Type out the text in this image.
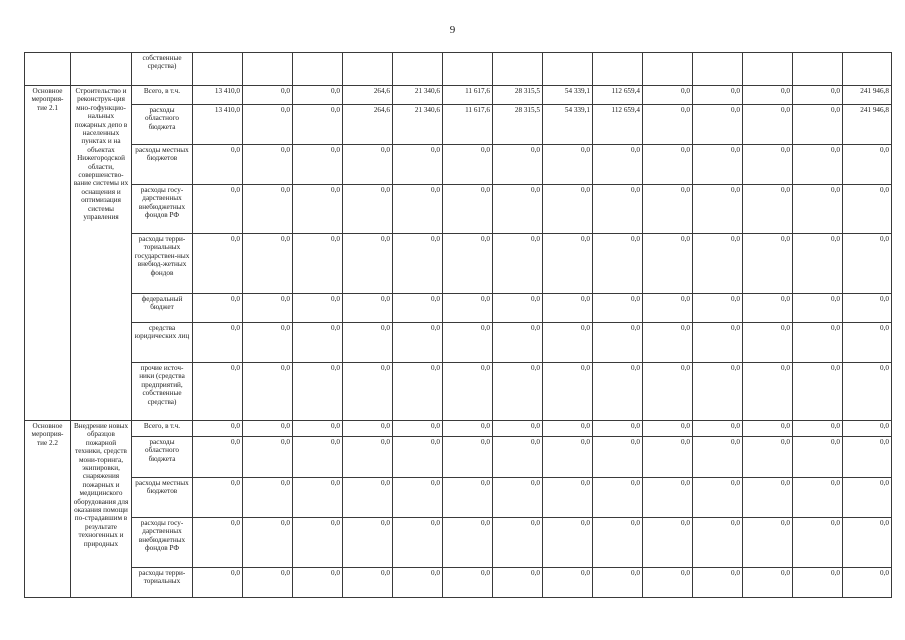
9
		собственные средства)														
Основное мероприя-тие 2.1	Строительство и реконструк-ция мно-гофункцио-нальных пожарных депо в населенных пунктах и на объектах Нижегородской области, совершенство-вание системы их оснащения и оптимизация системы управления	Всего, в т.ч.	13 410,0	0,0	0,0	264,6	21 340,6	11 617,6	28 315,5	54 339,1	112 659,4	0,0	0,0	0,0	0,0	241 946,8
		расходы областного бюджета	13 410,0	0,0	0,0	264,6	21 340,6	11 617,6	28 315,5	54 339,1	112 659,4	0,0	0,0	0,0	0,0	241 946,8
		расходы местных бюджетов	0,0	0,0	0,0	0,0	0,0	0,0	0,0	0,0	0,0	0,0	0,0	0,0	0,0	0,0
		расходы госу-дарственных внебюджетных фондов РФ	0,0	0,0	0,0	0,0	0,0	0,0	0,0	0,0	0,0	0,0	0,0	0,0	0,0	0,0
		расходы терри-ториальных государствен-ных внебюд-жетных фондов	0,0	0,0	0,0	0,0	0,0	0,0	0,0	0,0	0,0	0,0	0,0	0,0	0,0	0,0
		федеральный бюджет	0,0	0,0	0,0	0,0	0,0	0,0	0,0	0,0	0,0	0,0	0,0	0,0	0,0	0,0
		средства юридических лиц	0,0	0,0	0,0	0,0	0,0	0,0	0,0	0,0	0,0	0,0	0,0	0,0	0,0	0,0
		прочие источ-ники (средства предприятий, собственные средства)	0,0	0,0	0,0	0,0	0,0	0,0	0,0	0,0	0,0	0,0	0,0	0,0	0,0	0,0
Основное мероприя-тие 2.2	Внедрение новых образцов пожарной техники, средств мони-торинга, экипировки, снаряжения пожарных и медицинского оборудования для оказания помощи по-страдавшим в результате техногенных и природных	Всего, в т.ч.	0,0	0,0	0,0	0,0	0,0	0,0	0,0	0,0	0,0	0,0	0,0	0,0	0,0	0,0
		расходы областного бюджета	0,0	0,0	0,0	0,0	0,0	0,0	0,0	0,0	0,0	0,0	0,0	0,0	0,0	0,0
		расходы местных бюджетов	0,0	0,0	0,0	0,0	0,0	0,0	0,0	0,0	0,0	0,0	0,0	0,0	0,0	0,0
		расходы госу-дарственных внебюджетных фондов РФ	0,0	0,0	0,0	0,0	0,0	0,0	0,0	0,0	0,0	0,0	0,0	0,0	0,0	0,0
		расходы терри-ториальных	0,0	0,0	0,0	0,0	0,0	0,0	0,0	0,0	0,0	0,0	0,0	0,0	0,0	0,0
